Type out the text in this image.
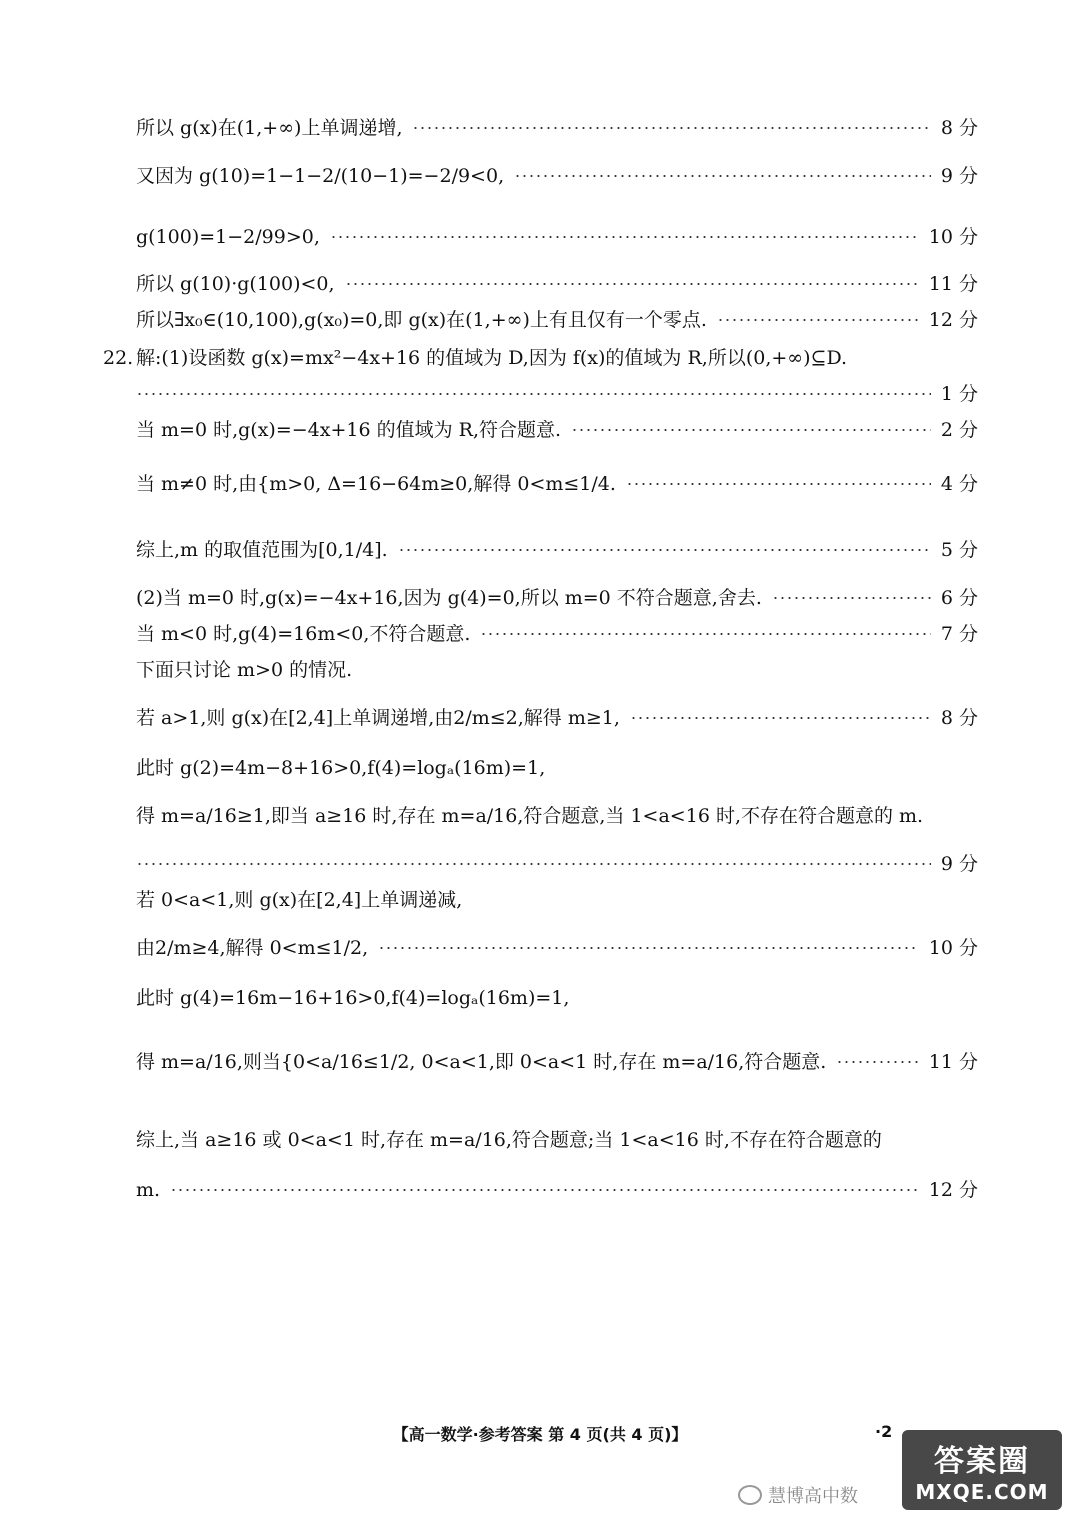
所以 g(x)在(1,+∞)上单调递增,	8 分
又因为 g(10)=1−1−2/(10−1)=−2/9<0,	9 分
g(100)=1−2/99>0,	10 分
所以 g(10)·g(100)<0,	11 分
所以∃x₀∈(10,100),g(x₀)=0,即 g(x)在(1,+∞)上有且仅有一个零点.	12 分
22. 解:(1)设函数 g(x)=mx²−4x+16 的值域为 D,因为 f(x)的值域为 R,所以(0,+∞)⊆D.
1 分
当 m=0 时,g(x)=−4x+16 的值域为 R,符合题意.	2 分
当 m≠0 时,由{m>0, Δ=16−64m≥0,解得 0<m≤1/4.	4 分
综上,m 的取值范围为[0,1/4].	5 分
(2)当 m=0 时,g(x)=−4x+16,因为 g(4)=0,所以 m=0 不符合题意,舍去.	6 分
当 m<0 时,g(4)=16m<0,不符合题意.	7 分
下面只讨论 m>0 的情况.
若 a>1,则 g(x)在[2,4]上单调递增,由2/m≤2,解得 m≥1,	8 分
此时 g(2)=4m−8+16>0,f(4)=logₐ(16m)=1,
得 m=a/16≥1,即当 a≥16 时,存在 m=a/16,符合题意,当 1<a<16 时,不存在符合题意的 m.
9 分
若 0<a<1,则 g(x)在[2,4]上单调递减,
由2/m≥4,解得 0<m≤1/2,	10 分
此时 g(4)=16m−16+16>0,f(4)=logₐ(16m)=1,
得 m=a/16,则当{0<a/16≤1/2, 0<a<1,即 0<a<1 时,存在 m=a/16,符合题意.	11 分
综上,当 a≥16 或 0<a<1 时,存在 m=a/16,符合题意;当 1<a<16 时,不存在符合题意的
m.	12 分
【高一数学·参考答案 第 4 页(共 4 页)】	·2
慧博高中数
答案圈
MXQE.COM
